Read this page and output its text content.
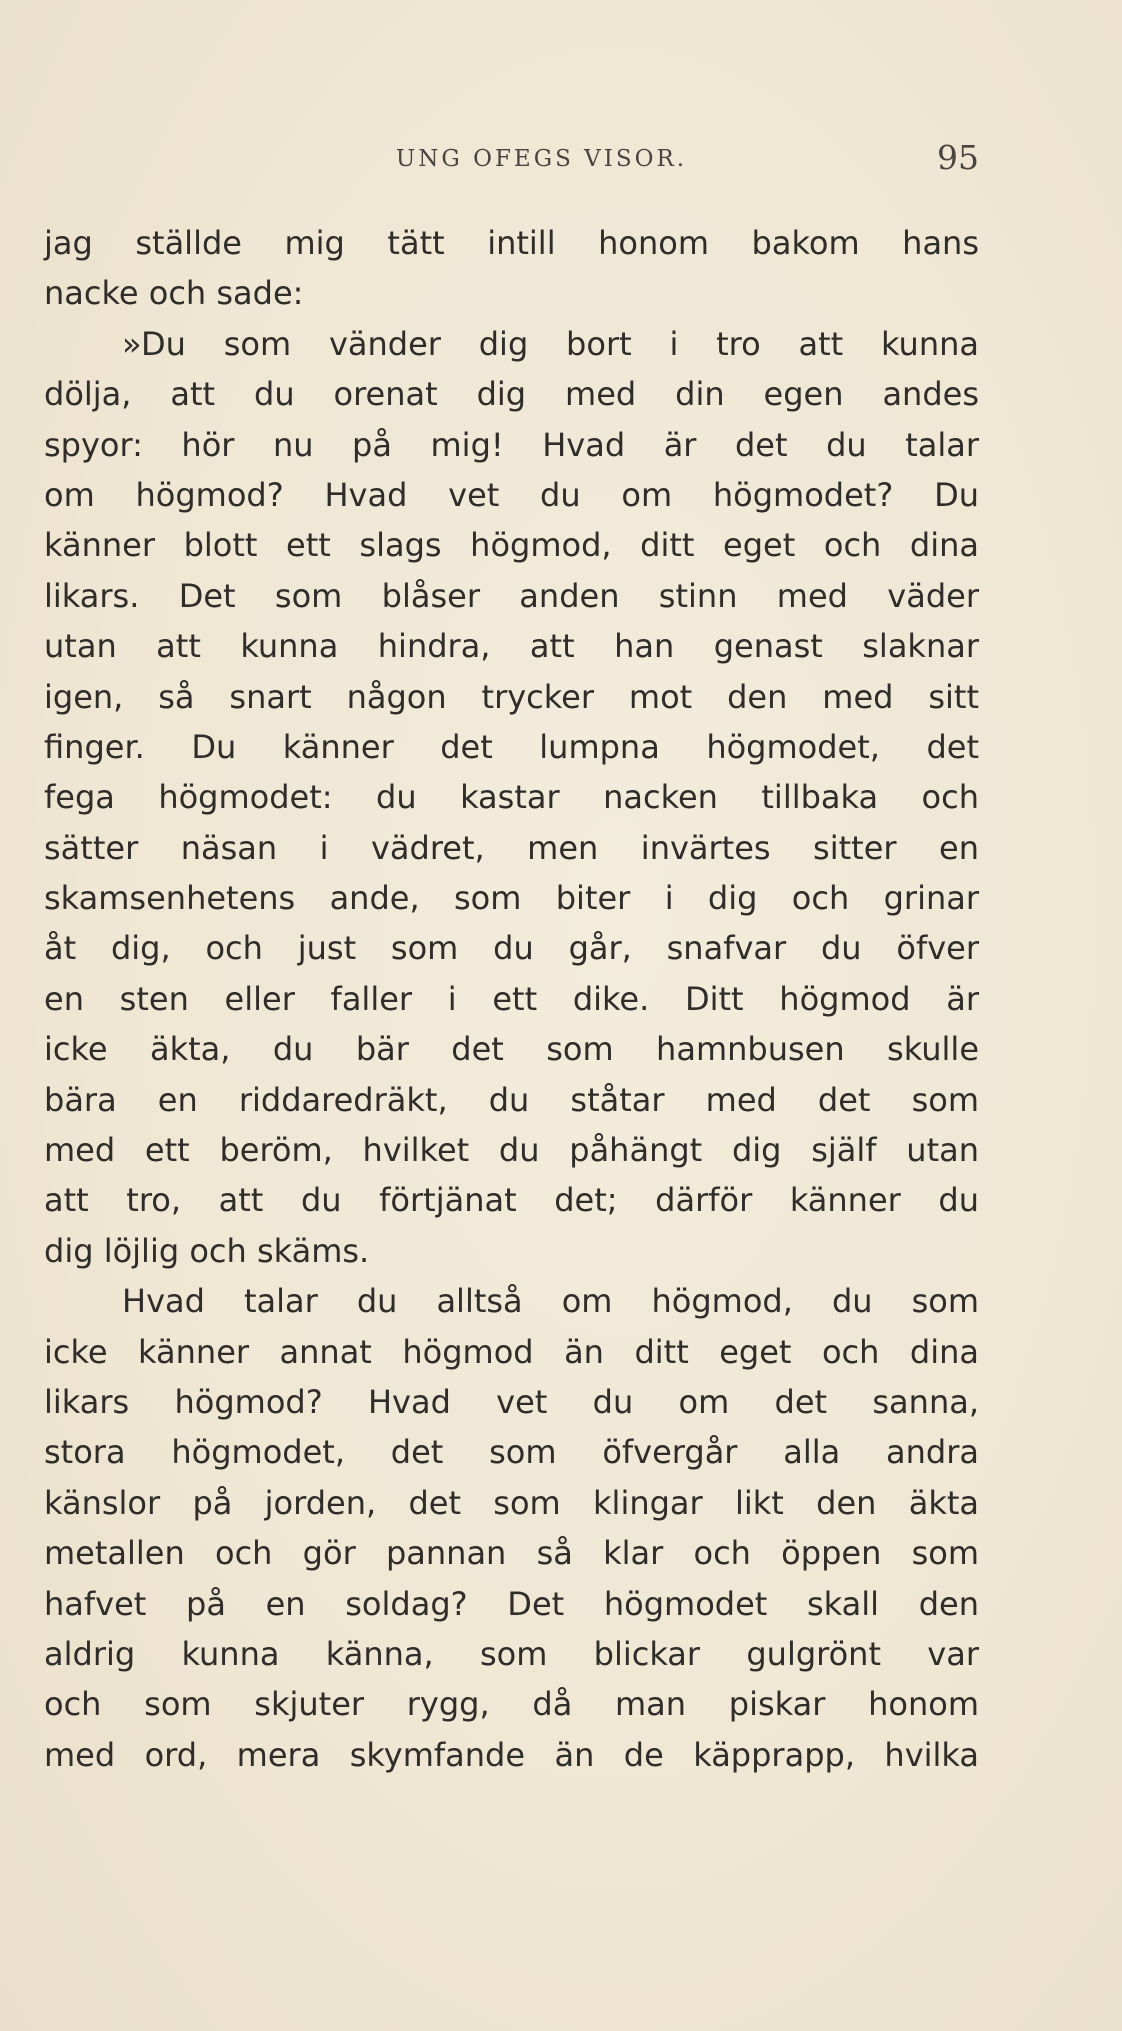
UNG OFEGS VISOR.	95
jag ställde mig tätt intill honom bakom hans
nacke och sade:
»Du som vänder dig bort i tro att kunna
dölja, att du orenat dig med din egen andes
spyor: hör nu på mig! Hvad är det du talar
om högmod? Hvad vet du om högmodet? Du
känner blott ett slags högmod, ditt eget och dina
likars. Det som blåser anden stinn med väder
utan att kunna hindra, att han genast slaknar
igen, så snart någon trycker mot den med sitt
finger. Du känner det lumpna högmodet, det
fega högmodet: du kastar nacken tillbaka och
sätter näsan i vädret, men invärtes sitter en
skamsenhetens ande, som biter i dig och grinar
åt dig, och just som du går, snafvar du öfver
en sten eller faller i ett dike. Ditt högmod är
icke äkta, du bär det som hamnbusen skulle
bära en riddaredräkt, du ståtar med det som
med ett beröm, hvilket du påhängt dig själf utan
att tro, att du förtjänat det; därför känner du
dig löjlig och skäms.
Hvad talar du alltså om högmod, du som
icke känner annat högmod än ditt eget och dina
likars högmod? Hvad vet du om det sanna,
stora högmodet, det som öfvergår alla andra
känslor på jorden, det som klingar likt den äkta
metallen och gör pannan så klar och öppen som
hafvet på en soldag? Det högmodet skall den
aldrig kunna känna, som blickar gulgrönt var
och som skjuter rygg, då man piskar honom
med ord, mera skymfande än de käpprapp, hvilka
